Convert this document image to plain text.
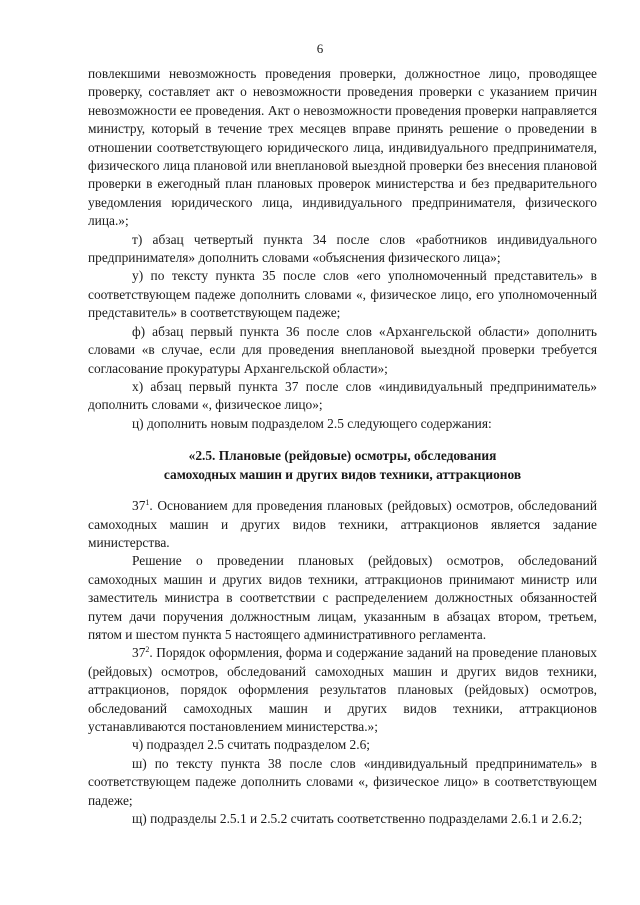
6

повлекшими невозможность проведения проверки, должностное лицо, проводящее проверку, составляет акт о невозможности проведения проверки с указанием причин невозможности ее проведения. Акт о невозможности проведения проверки направляется министру, который в течение трех месяцев вправе принять решение о проведении в отношении соответствующего юридического лица, индивидуального предпринимателя, физического лица плановой или внеплановой выездной проверки без внесения плановой проверки в ежегодный план плановых проверок министерства и без предварительного уведомления юридического лица, индивидуального предпринимателя, физического лица.»;

т) абзац четвертый пункта 34 после слов «работников индивидуального предпринимателя» дополнить словами «объяснения физического лица»;

у) по тексту пункта 35 после слов «его уполномоченный представитель» в соответствующем падеже дополнить словами «, физическое лицо, его уполномоченный представитель» в соответствующем падеже;

ф) абзац первый пункта 36 после слов «Архангельской области» дополнить словами «в случае, если для проведения внеплановой выездной проверки требуется согласование прокуратуры Архангельской области»;

х) абзац первый пункта 37 после слов «индивидуальный предприниматель» дополнить словами «, физическое лицо»;

ц) дополнить новым подразделом 2.5 следующего содержания:

«2.5. Плановые (рейдовые) осмотры, обследования
самоходных машин и других видов техники, аттракционов

$37^1$. Основанием для проведения плановых (рейдовых) осмотров, обследований самоходных машин и других видов техники, аттракционов является задание министерства.

Решение о проведении плановых (рейдовых) осмотров, обследований самоходных машин и других видов техники, аттракционов принимают министр или заместитель министра в соответствии с распределением должностных обязанностей путем дачи поручения должностным лицам, указанным в абзацах втором, третьем, пятом и шестом пункта 5 настоящего административного регламента.

$37^2$. Порядок оформления, форма и содержание заданий на проведение плановых (рейдовых) осмотров, обследований самоходных машин и других видов техники, аттракционов, порядок оформления результатов плановых (рейдовых) осмотров, обследований самоходных машин и других видов техники, аттракционов устанавливаются постановлением министерства.»;

ч) подраздел 2.5 считать подразделом 2.6;

ш) по тексту пункта 38 после слов «индивидуальный предприниматель» в соответствующем падеже дополнить словами «, физическое лицо» в соответствующем падеже;

щ) подразделы 2.5.1 и 2.5.2 считать соответственно подразделами 2.6.1 и 2.6.2;
